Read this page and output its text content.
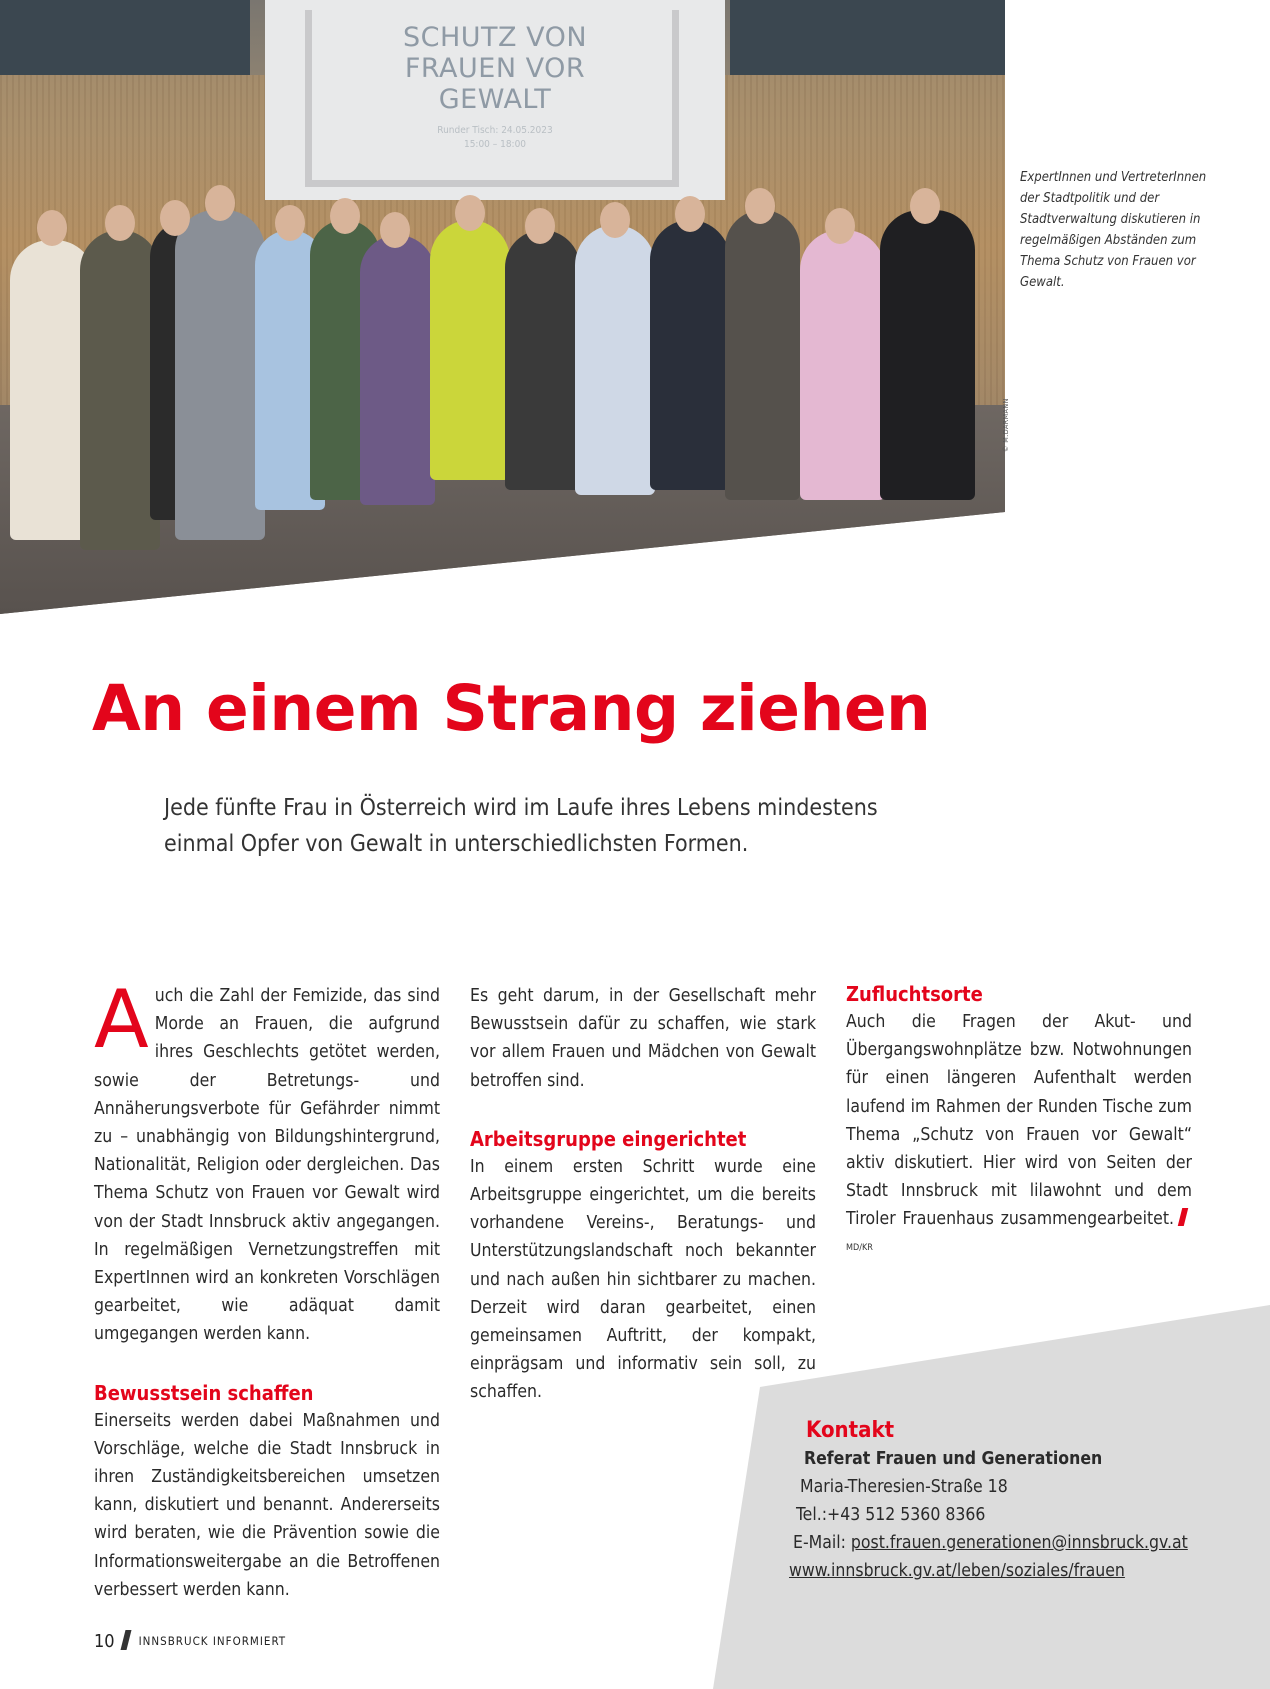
SCHUTZ VON
FRAUEN VOR
GEWALT
Runder Tisch: 24.05.2023
15:00 – 18:00
ExpertInnen und VertreterInnen der Stadtpolitik und der Stadtverwaltung diskutieren in regelmäßigen Abständen zum Thema Schutz von Frauen vor Gewalt.
© M.DARMANN
An einem Strang ziehen
Jede fünfte Frau in Österreich wird im Laufe ihres Lebens mindestens einmal Opfer von Gewalt in unterschiedlichsten Formen.

Auch die Zahl der Femizide, das sind Morde an Frauen, die aufgrund ihres Geschlechts getötet werden, sowie der Betretungs- und Annäherungsverbote für Gefährder nimmt zu – unabhängig von Bildungshintergrund, Nationalität, Religion oder dergleichen. Das Thema Schutz von Frauen vor Gewalt wird von der Stadt Innsbruck aktiv angegangen. In regelmäßigen Vernetzungstreffen mit ExpertInnen wird an konkreten Vorschlägen gearbeitet, wie adäquat damit umgegangen werden kann.

Bewusstsein schaffen

Einerseits werden dabei Maßnahmen und Vorschläge, welche die Stadt Innsbruck in ihren Zuständigkeitsbereichen umsetzen kann, diskutiert und benannt. Andererseits wird beraten, wie die Prävention sowie die Informationsweitergabe an die Betroffenen verbessert werden kann.

Es geht darum, in der Gesellschaft mehr Bewusstsein dafür zu schaffen, wie stark vor allem Frauen und Mädchen von Gewalt betroffen sind.

Arbeitsgruppe eingerichtet

In einem ersten Schritt wurde eine Arbeitsgruppe eingerichtet, um die bereits vorhandene Vereins-, Beratungs- und Unterstützungslandschaft noch bekannter und nach außen hin sichtbarer zu machen. Derzeit wird daran gearbeitet, einen gemeinsamen Auftritt, der kompakt, einprägsam und informativ sein soll, zu schaffen.

Zufluchtsorte

Auch die Fragen der Akut- und Übergangswohnplätze bzw. Notwohnungen für einen längeren Aufenthalt werden laufend im Rahmen der Runden Tische zum Thema „Schutz von Frauen vor Gewalt“ aktiv diskutiert. Hier wird von Seiten der Stadt Innsbruck mit lilawohnt und dem Tiroler Frauenhaus zusammengearbeitet.$^{MD/KR}$

Kontakt
Referat Frauen und Generationen
Maria-Theresien-Straße 18
Tel.:+43 512 5360 8366
E-Mail: post.frauen.generationen@innsbruck.gv.at
www.innsbruck.gv.at/leben/soziales/frauen
10 INNSBRUCK INFORMIERT
